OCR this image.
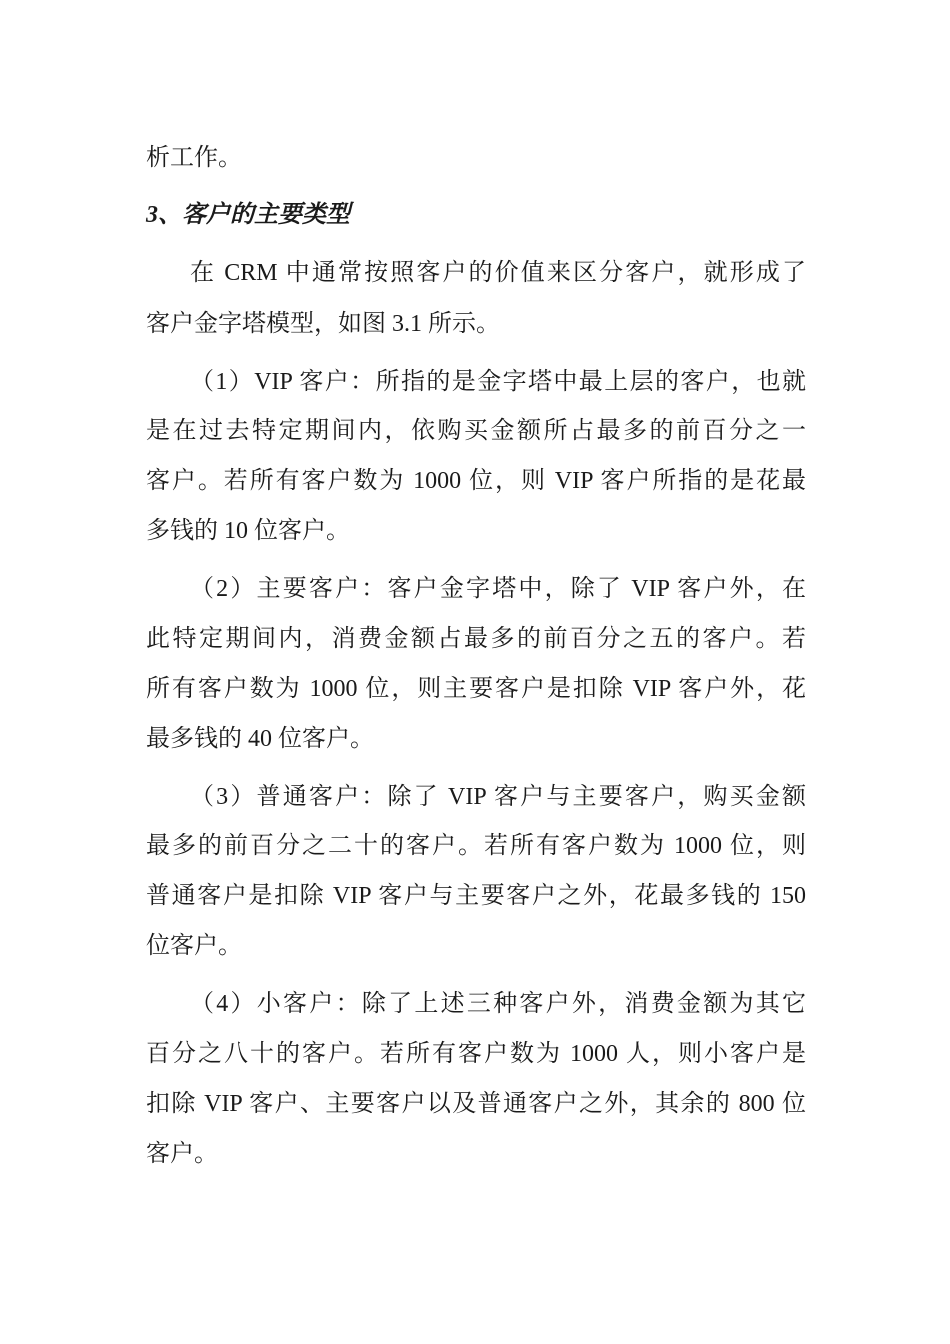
析工作。
3、客户的主要类型
在 CRM 中通常按照客户的价值来区分客户，就形成了
客户金字塔模型，如图 3.1 所示。
（1）VIP 客户：所指的是金字塔中最上层的客户，也就
是在过去特定期间内，依购买金额所占最多的前百分之一
客户。若所有客户数为 1000 位，则 VIP 客户所指的是花最
多钱的 10 位客户。
（2）主要客户：客户金字塔中，除了 VIP 客户外，在
此特定期间内，消费金额占最多的前百分之五的客户。若
所有客户数为 1000 位，则主要客户是扣除 VIP 客户外，花
最多钱的 40 位客户。
（3）普通客户：除了 VIP 客户与主要客户，购买金额
最多的前百分之二十的客户。若所有客户数为 1000 位，则
普通客户是扣除 VIP 客户与主要客户之外，花最多钱的 150
位客户。
（4）小客户：除了上述三种客户外，消费金额为其它
百分之八十的客户。若所有客户数为 1000 人，则小客户是
扣除 VIP 客户、主要客户以及普通客户之外，其余的 800 位
客户。
